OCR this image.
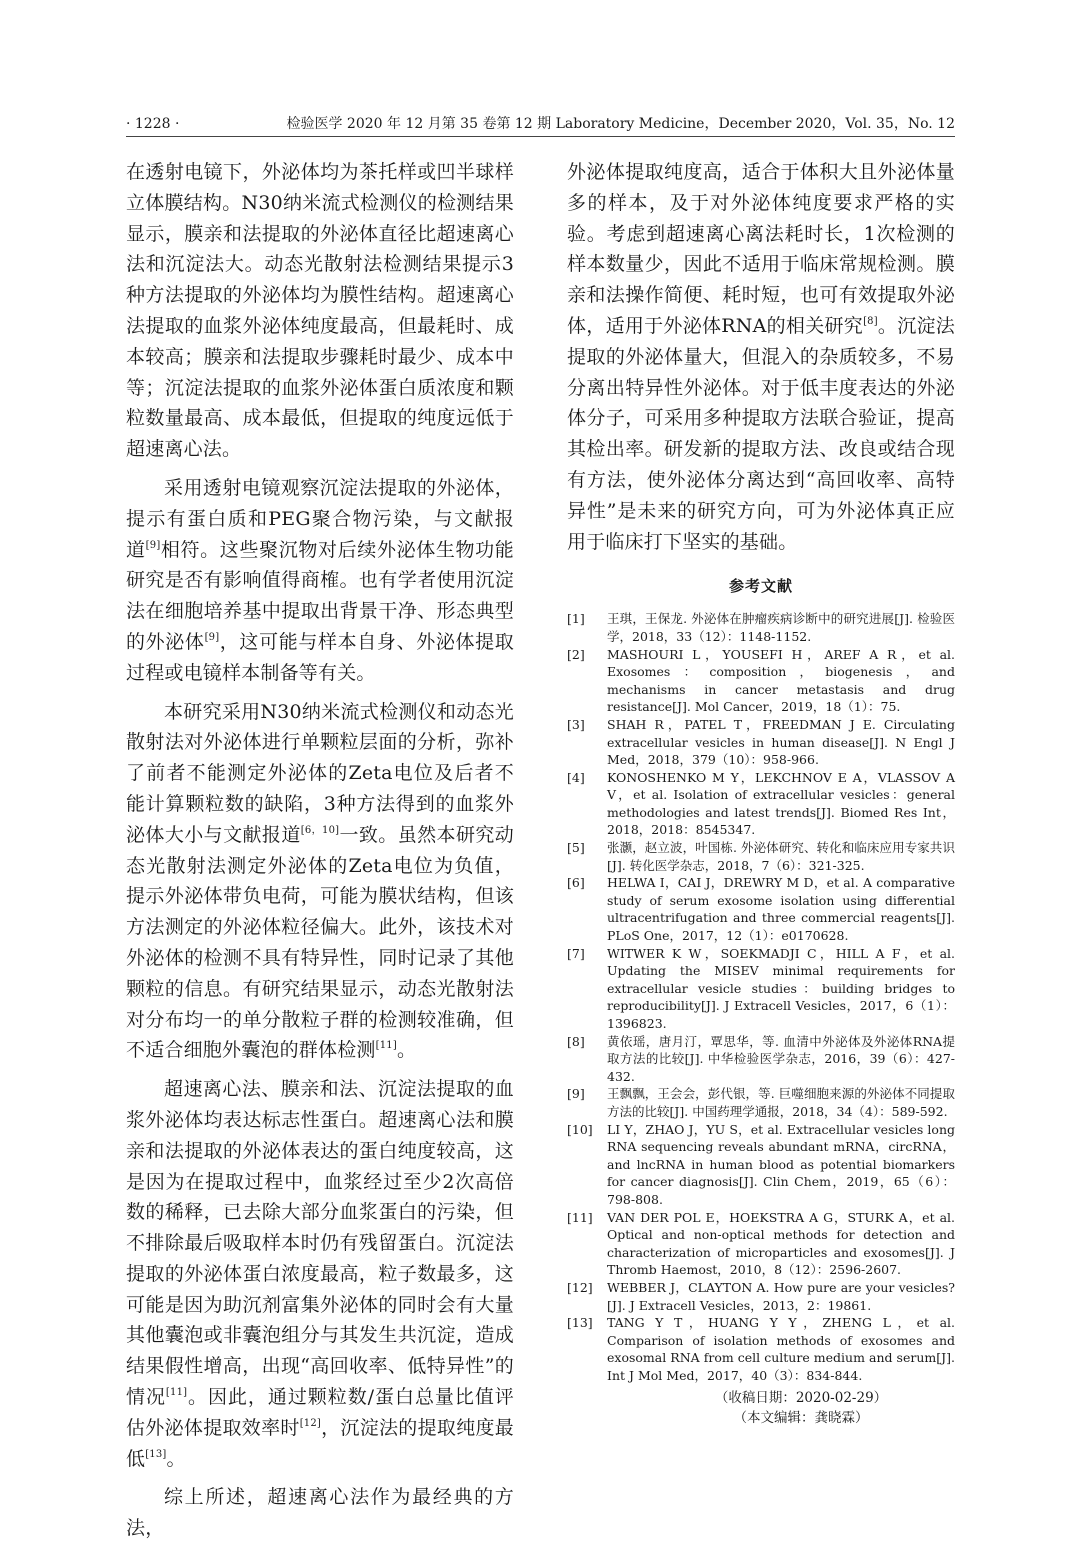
· 1228 ·	检验医学 2020 年 12 月第 35 卷第 12 期 Laboratory Medicine，December 2020，Vol. 35，No. 12

在透射电镜下，外泌体均为茶托样或凹半球样立体膜结构。N30纳米流式检测仪的检测结果显示，膜亲和法提取的外泌体直径比超速离心法和沉淀法大。动态光散射法检测结果提示3种方法提取的外泌体均为膜性结构。超速离心法提取的血浆外泌体纯度最高，但最耗时、成本较高；膜亲和法提取步骤耗时最少、成本中等；沉淀法提取的血浆外泌体蛋白质浓度和颗粒数量最高、成本最低，但提取的纯度远低于超速离心法。

采用透射电镜观察沉淀法提取的外泌体，提示有蛋白质和PEG聚合物污染，与文献报道[9]相符。这些聚沉物对后续外泌体生物功能研究是否有影响值得商榷。也有学者使用沉淀法在细胞培养基中提取出背景干净、形态典型的外泌体[9]，这可能与样本自身、外泌体提取过程或电镜样本制备等有关。

本研究采用N30纳米流式检测仪和动态光散射法对外泌体进行单颗粒层面的分析，弥补了前者不能测定外泌体的Zeta电位及后者不能计算颗粒数的缺陷，3种方法得到的血浆外泌体大小与文献报道[6，10]一致。虽然本研究动态光散射法测定外泌体的Zeta电位为负值，提示外泌体带负电荷，可能为膜状结构，但该方法测定的外泌体粒径偏大。此外，该技术对外泌体的检测不具有特异性，同时记录了其他颗粒的信息。有研究结果显示，动态光散射法对分布均一的单分散粒子群的检测较准确，但不适合细胞外囊泡的群体检测[11]。

超速离心法、膜亲和法、沉淀法提取的血浆外泌体均表达标志性蛋白。超速离心法和膜亲和法提取的外泌体表达的蛋白纯度较高，这是因为在提取过程中，血浆经过至少2次高倍数的稀释，已去除大部分血浆蛋白的污染，但不排除最后吸取样本时仍有残留蛋白。沉淀法提取的外泌体蛋白浓度最高，粒子数最多，这可能是因为助沉剂富集外泌体的同时会有大量其他囊泡或非囊泡组分与其发生共沉淀，造成结果假性增高，出现“高回收率、低特异性”的情况[11]。因此，通过颗粒数/蛋白总量比值评估外泌体提取效率时[12]，沉淀法的提取纯度最低[13]。

综上所述，超速离心法作为最经典的方法，

外泌体提取纯度高，适合于体积大且外泌体量多的样本，及于对外泌体纯度要求严格的实验。考虑到超速离心离法耗时长，1次检测的样本数量少，因此不适用于临床常规检测。膜亲和法操作简便、耗时短，也可有效提取外泌体，适用于外泌体RNA的相关研究[8]。沉淀法提取的外泌体量大，但混入的杂质较多，不易分离出特异性外泌体。对于低丰度表达的外泌体分子，可采用多种提取方法联合验证，提高其检出率。研发新的提取方法、改良或结合现有方法，使外泌体分离达到“高回收率、高特异性”是未来的研究方向，可为外泌体真正应用于临床打下坚实的基础。

参考文献
[1] 王琪，王保龙. 外泌体在肿瘤疾病诊断中的研究进展[J]. 检验医学，2018，33（12）：1148-1152.
[2] MASHOURI L，YOUSEFI H，AREF A R，et al. Exosomes：composition，biogenesis，and mechanisms in cancer metastasis and drug resistance[J]. Mol Cancer，2019，18（1）：75.
[3] SHAH R，PATEL T，FREEDMAN J E. Circulating extracellular vesicles in human disease[J]. N Engl J Med，2018，379（10）：958-966.
[4] KONOSHENKO M Y，LEKCHNOV E A，VLASSOV A V，et al. Isolation of extracellular vesicles：general methodologies and latest trends[J]. Biomed Res Int，2018，2018：8545347.
[5] 张灏，赵立波，叶国栋. 外泌体研究、转化和临床应用专家共识[J]. 转化医学杂志，2018，7（6）：321-325.
[6] HELWA I，CAI J，DREWRY M D，et al. A comparative study of serum exosome isolation using differential ultracentrifugation and three commercial reagents[J]. PLoS One，2017，12（1）：e0170628.
[7] WITWER K W，SOEKMADJI C，HILL A F，et al. Updating the MISEV minimal requirements for extracellular vesicle studies：building bridges to reproducibility[J]. J Extracell Vesicles，2017，6（1）：1396823.
[8] 黄依瑶，唐月汀，覃思华，等. 血清中外泌体及外泌体RNA提取方法的比较[J]. 中华检验医学杂志，2016，39（6）：427-432.
[9] 王飘飘，王会会，彭代银，等. 巨噬细胞来源的外泌体不同提取方法的比较[J]. 中国药理学通报，2018，34（4）：589-592.
[10] LI Y，ZHAO J，YU S，et al. Extracellular vesicles long RNA sequencing reveals abundant mRNA，circRNA，and lncRNA in human blood as potential biomarkers for cancer diagnosis[J]. Clin Chem，2019，65（6）：798-808.
[11] VAN DER POL E，HOEKSTRA A G，STURK A，et al. Optical and non-optical methods for detection and characterization of microparticles and exosomes[J]. J Thromb Haemost，2010，8（12）：2596-2607.
[12] WEBBER J，CLAYTON A. How pure are your vesicles?[J]. J Extracell Vesicles，2013，2：19861.
[13] TANG Y T，HUANG Y Y，ZHENG L，et al. Comparison of isolation methods of exosomes and exosomal RNA from cell culture medium and serum[J]. Int J Mol Med，2017，40（3）：834-844.
（收稿日期：2020-02-29）
（本文编辑：龚晓霖）
